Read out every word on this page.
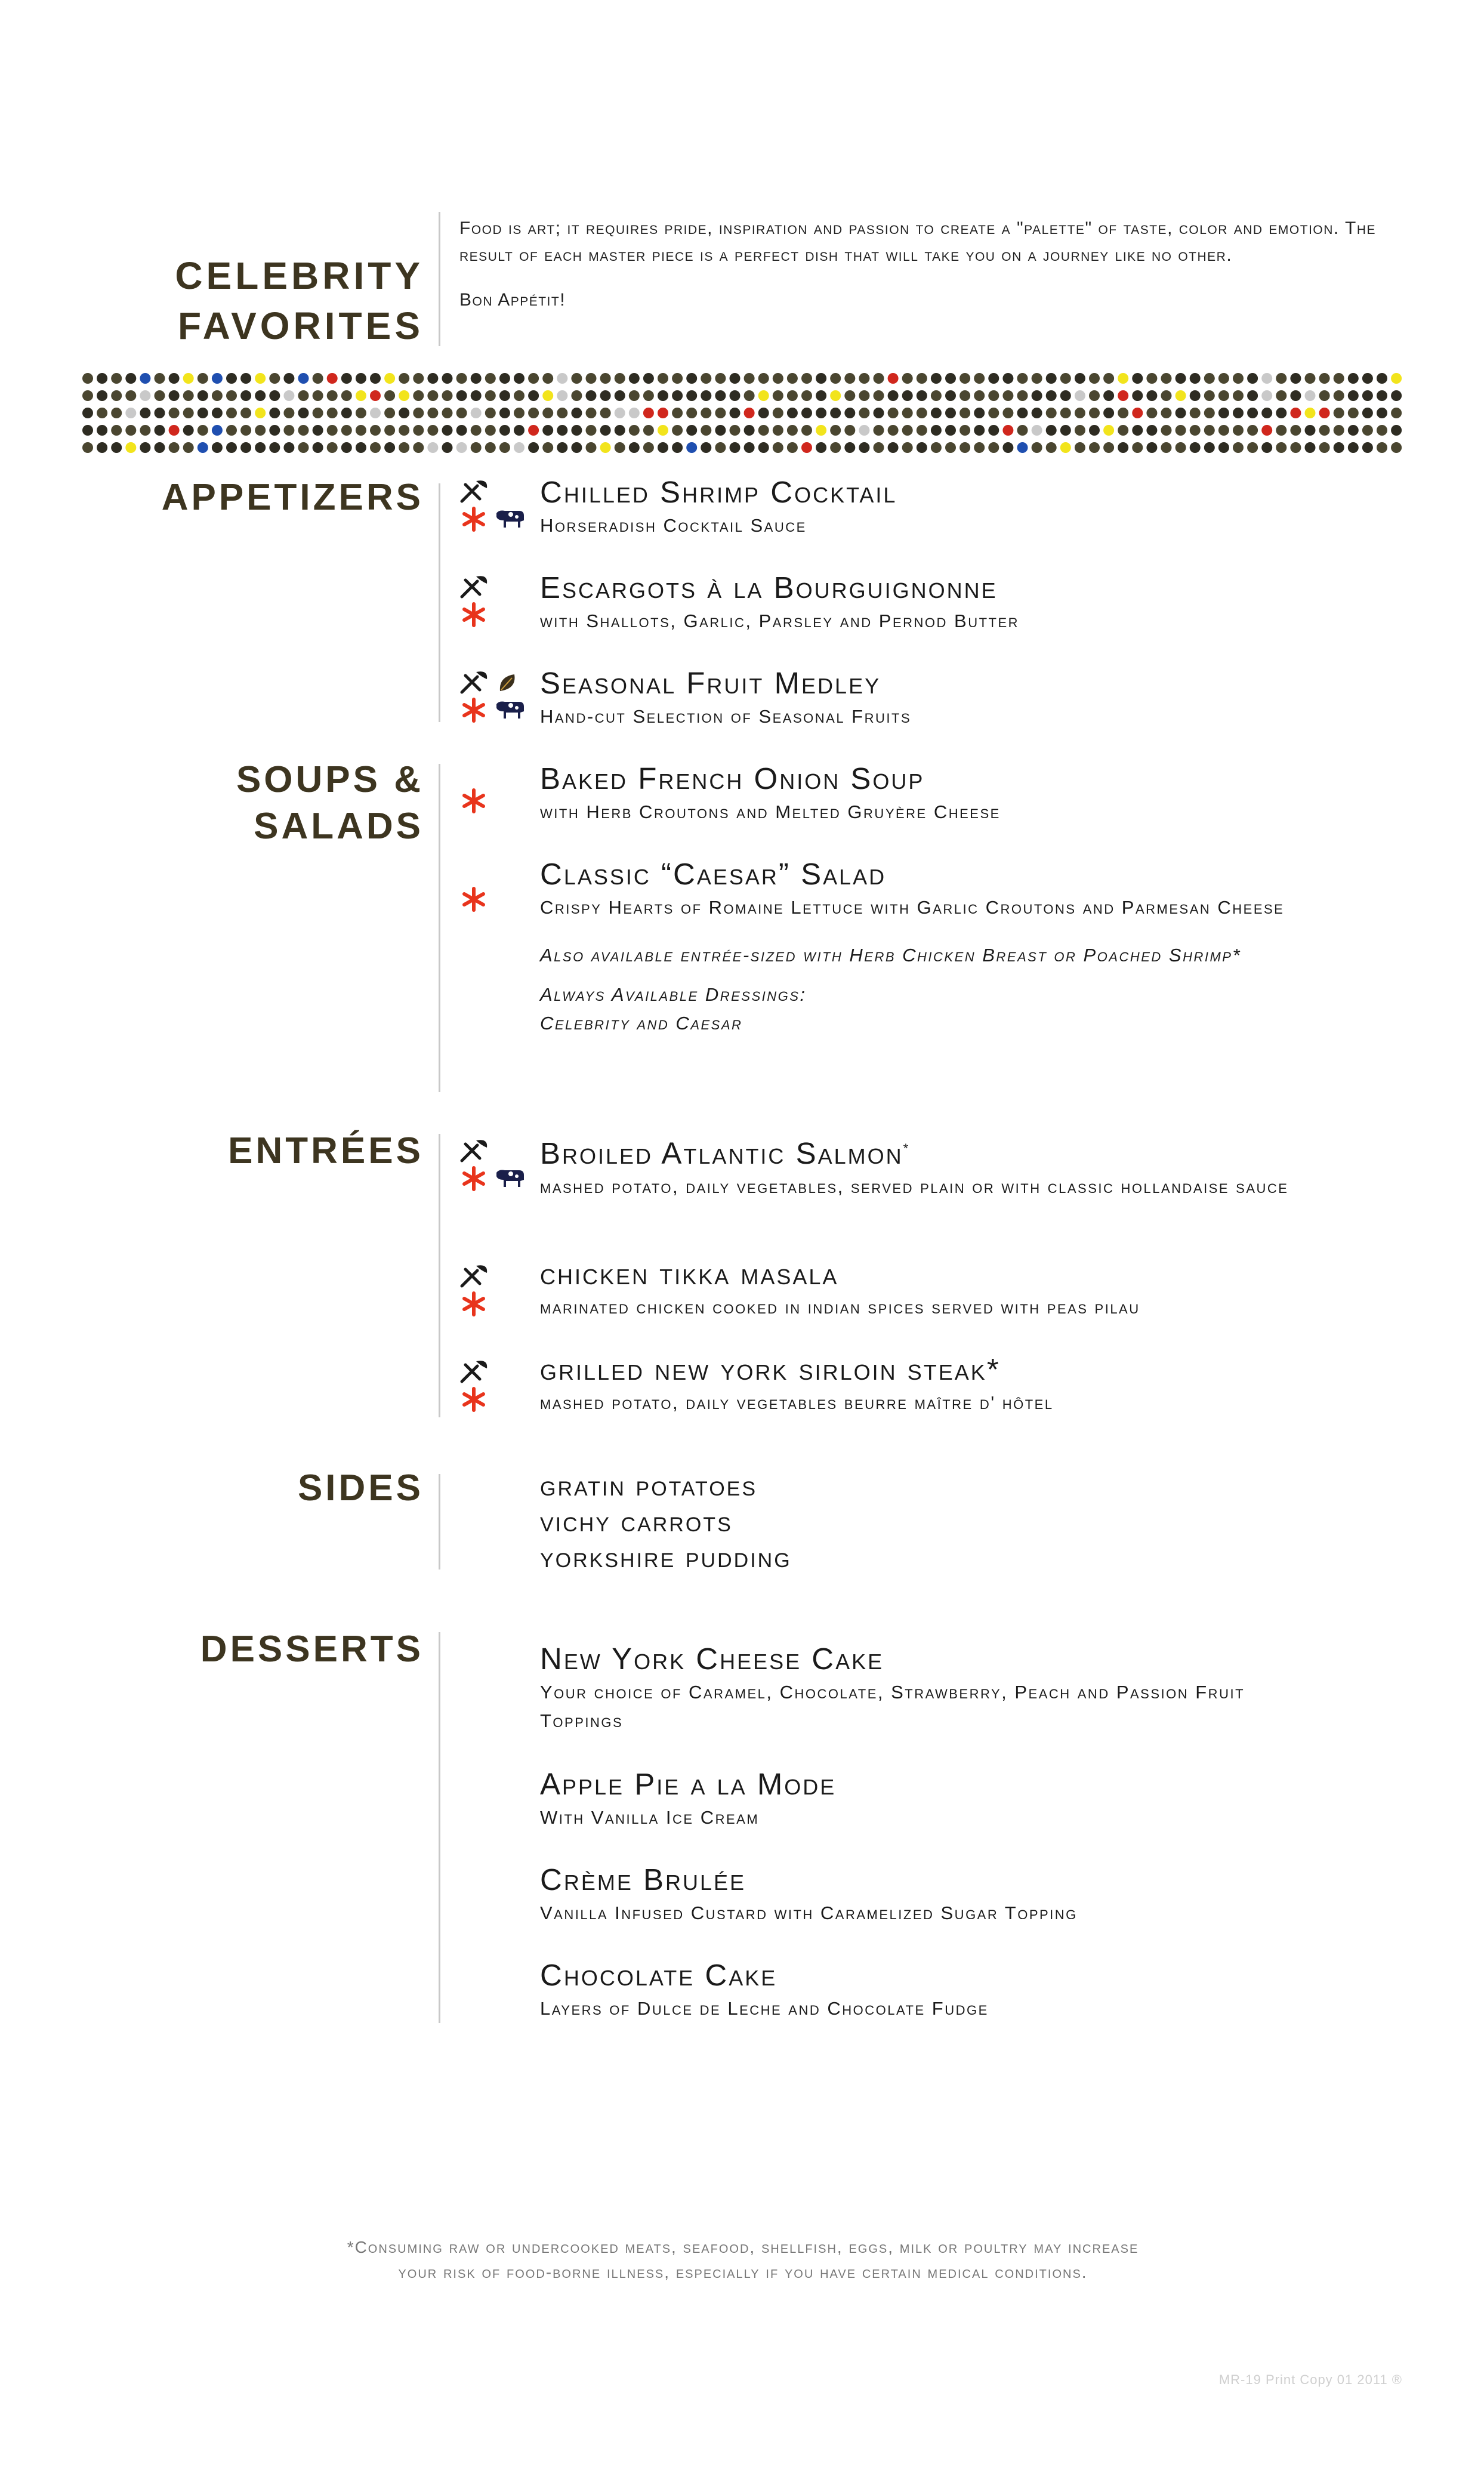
CELEBRITY
FAVORITES
Food is art; it requires pride, inspiration and passion to create a "palette" of taste, color and emotion. The result of each master piece is a perfect dish that will take you on a journey like no other.
Bon Appétit!
APPETIZERS	Chilled Shrimp Cocktail
Horseradish Cocktail Sauce
Escargots à la Bourguignonne
with Shallots, Garlic, Parsley and Pernod Butter
Seasonal Fruit Medley
Hand-cut Selection of Seasonal Fruits
SOUPS &
SALADS
Baked French Onion Soup
with Herb Croutons and Melted Gruyère Cheese
Classic “Caesar” Salad
Crispy Hearts of Romaine Lettuce with Garlic Croutons and Parmesan Cheese
Also available entrée-sized with Herb Chicken Breast or Poached Shrimp*
Always Available Dressings:
Celebrity and Caesar
ENTRÉES	Broiled Atlantic Salmon*
mashed potato, daily vegetables, served plain or with classic hollandaise sauce
chicken tikka masala
marinated chicken cooked in indian spices served with peas pilau
grilled new york sirloin steak*
mashed potato, daily vegetables beurre maître d' hôtel
SIDES	gratin potatoes
vichy carrots
yorkshire pudding
DESSERTS	New York Cheese Cake
Your choice of Caramel, Chocolate, Strawberry, Peach and Passion Fruit Toppings
Apple Pie a la Mode
With Vanilla Ice Cream
Crème Brulée
Vanilla Infused Custard with Caramelized Sugar Topping
Chocolate Cake
Layers of Dulce de Leche and Chocolate Fudge
*Consuming raw or undercooked meats, seafood, shellfish, eggs, milk or poultry may increase
your risk of food-borne illness, especially if you have certain medical conditions.
MR-19 Print Copy 01 2011 ®
